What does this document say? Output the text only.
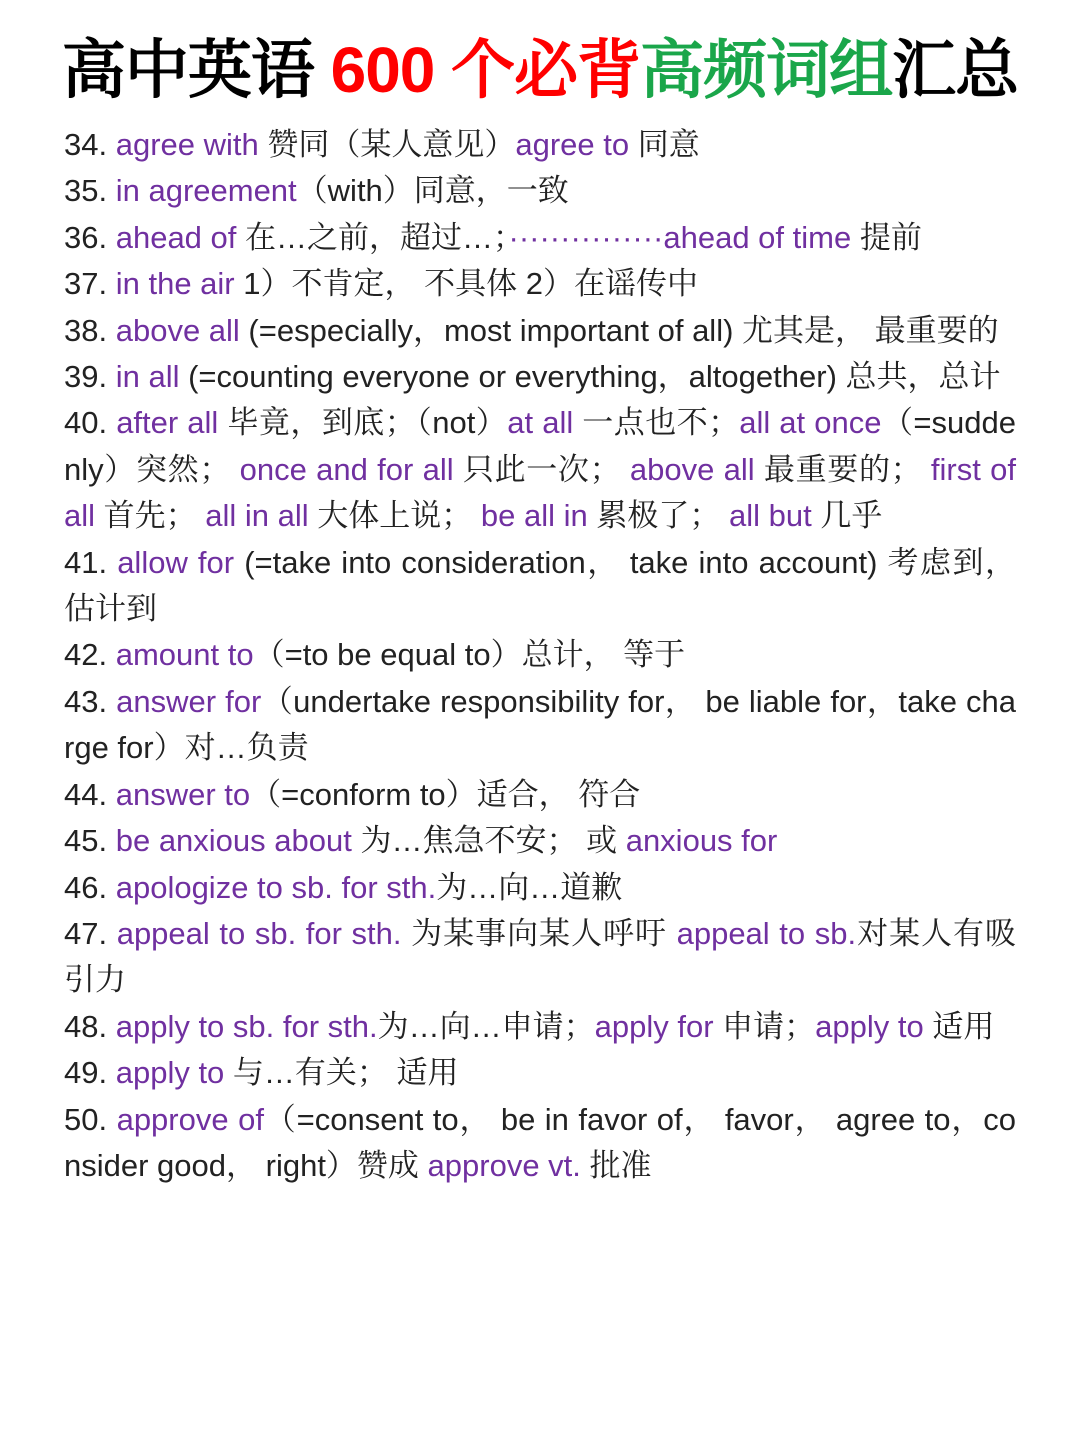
高中英语 600 个必背高频词组汇总

34. agree with 赞同（某人意见）agree to 同意

35. in agreement（with）同意，一致

36. ahead of 在…之前，超过…；···············ahead of time 提前

37. in the air 1）不肯定， 不具体 2）在谣传中

38. above all (=especially，most important of all) 尤其是， 最重要的

39. in all (=counting everyone or everything，altogether) 总共，总计

40. after all 毕竟，到底；（not）at all 一点也不；all at once（=suddenly）突然； once and for all 只此一次； above all 最重要的； first of all 首先； all in all 大体上说； be all in 累极了； all but 几乎

41. allow for (=take into consideration， take into account) 考虑到，估计到

42. amount to（=to be equal to）总计， 等于

43. answer for（undertake responsibility for， be liable for，take charge for）对…负责

44. answer to（=conform to）适合， 符合

45. be anxious about 为…焦急不安； 或 anxious for

46. apologize to sb. for sth.为…向…道歉

47. appeal to sb. for sth. 为某事向某人呼吁 appeal to sb.对某人有吸引力

48. apply to sb. for sth.为…向…申请；apply for 申请；apply to 适用

49. apply to 与…有关； 适用

50. approve of（=consent to， be in favor of， favor， agree to，consider good， right）赞成 approve vt. 批准
